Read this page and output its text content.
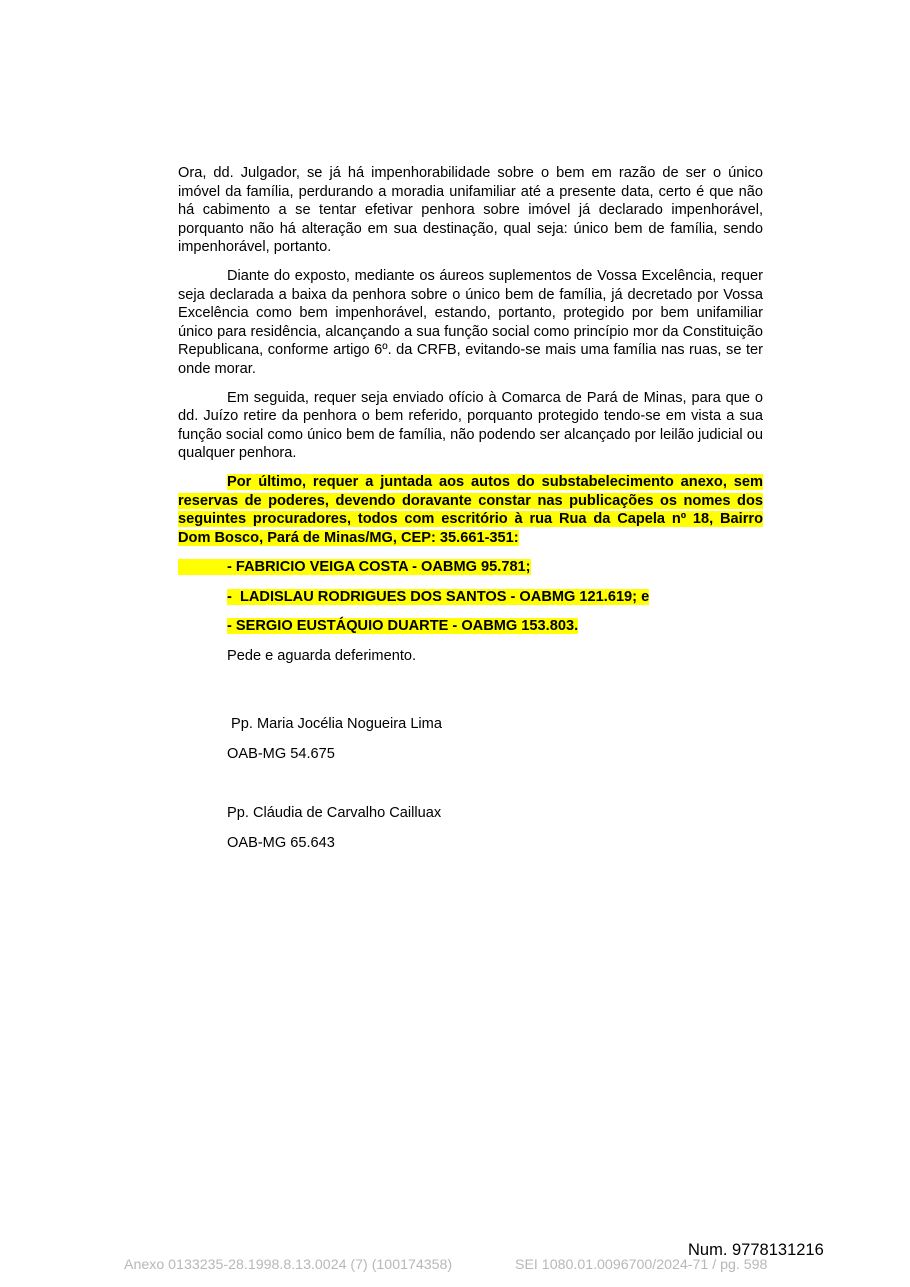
Ora, dd. Julgador, se já há impenhorabilidade sobre o bem em razão de ser o único imóvel da família, perdurando a moradia unifamiliar até a presente data, certo é que não há cabimento a se tentar efetivar penhora sobre imóvel já declarado impenhorável, porquanto não há alteração em sua destinação, qual seja: único bem de família, sendo impenhorável, portanto.

Diante do exposto, mediante os áureos suplementos de Vossa Excelência, requer seja declarada a baixa da penhora sobre o único bem de família, já decretado por Vossa Excelência como bem impenhorável, estando, portanto, protegido por bem unifamiliar único para residência, alcançando a sua função social como princípio mor da Constituição Republicana, conforme artigo 6º. da CRFB, evitando-se mais uma família nas ruas, se ter onde morar.

Em seguida, requer seja enviado ofício à Comarca de Pará de Minas, para que o dd. Juízo retire da penhora o bem referido, porquanto protegido tendo-se em vista a sua função social como único bem de família, não podendo ser alcançado por leilão judicial ou qualquer penhora.

Por último, requer a juntada aos autos do substabelecimento anexo, sem reservas de poderes, devendo doravante constar nas publicações os nomes dos seguintes procuradores, todos com escritório à rua Rua da Capela nº 18, Bairro Dom Bosco, Pará de Minas/MG, CEP: 35.661-351:

- FABRICIO VEIGA COSTA - OABMG 95.781;
-  LADISLAU RODRIGUES DOS SANTOS - OABMG 121.619; e
- SERGIO EUSTÁQUIO DUARTE - OABMG 153.803.
Pede e aguarda deferimento.
Pp. Maria Jocélia Nogueira Lima
OAB-MG 54.675
Pp. Cláudia de Carvalho Cailluax
OAB-MG 65.643
Num. 9778131216
Anexo 0133235-28.1998.8.13.0024 (7) (100174358)	SEI 1080.01.0096700/2024-71 / pg. 598
